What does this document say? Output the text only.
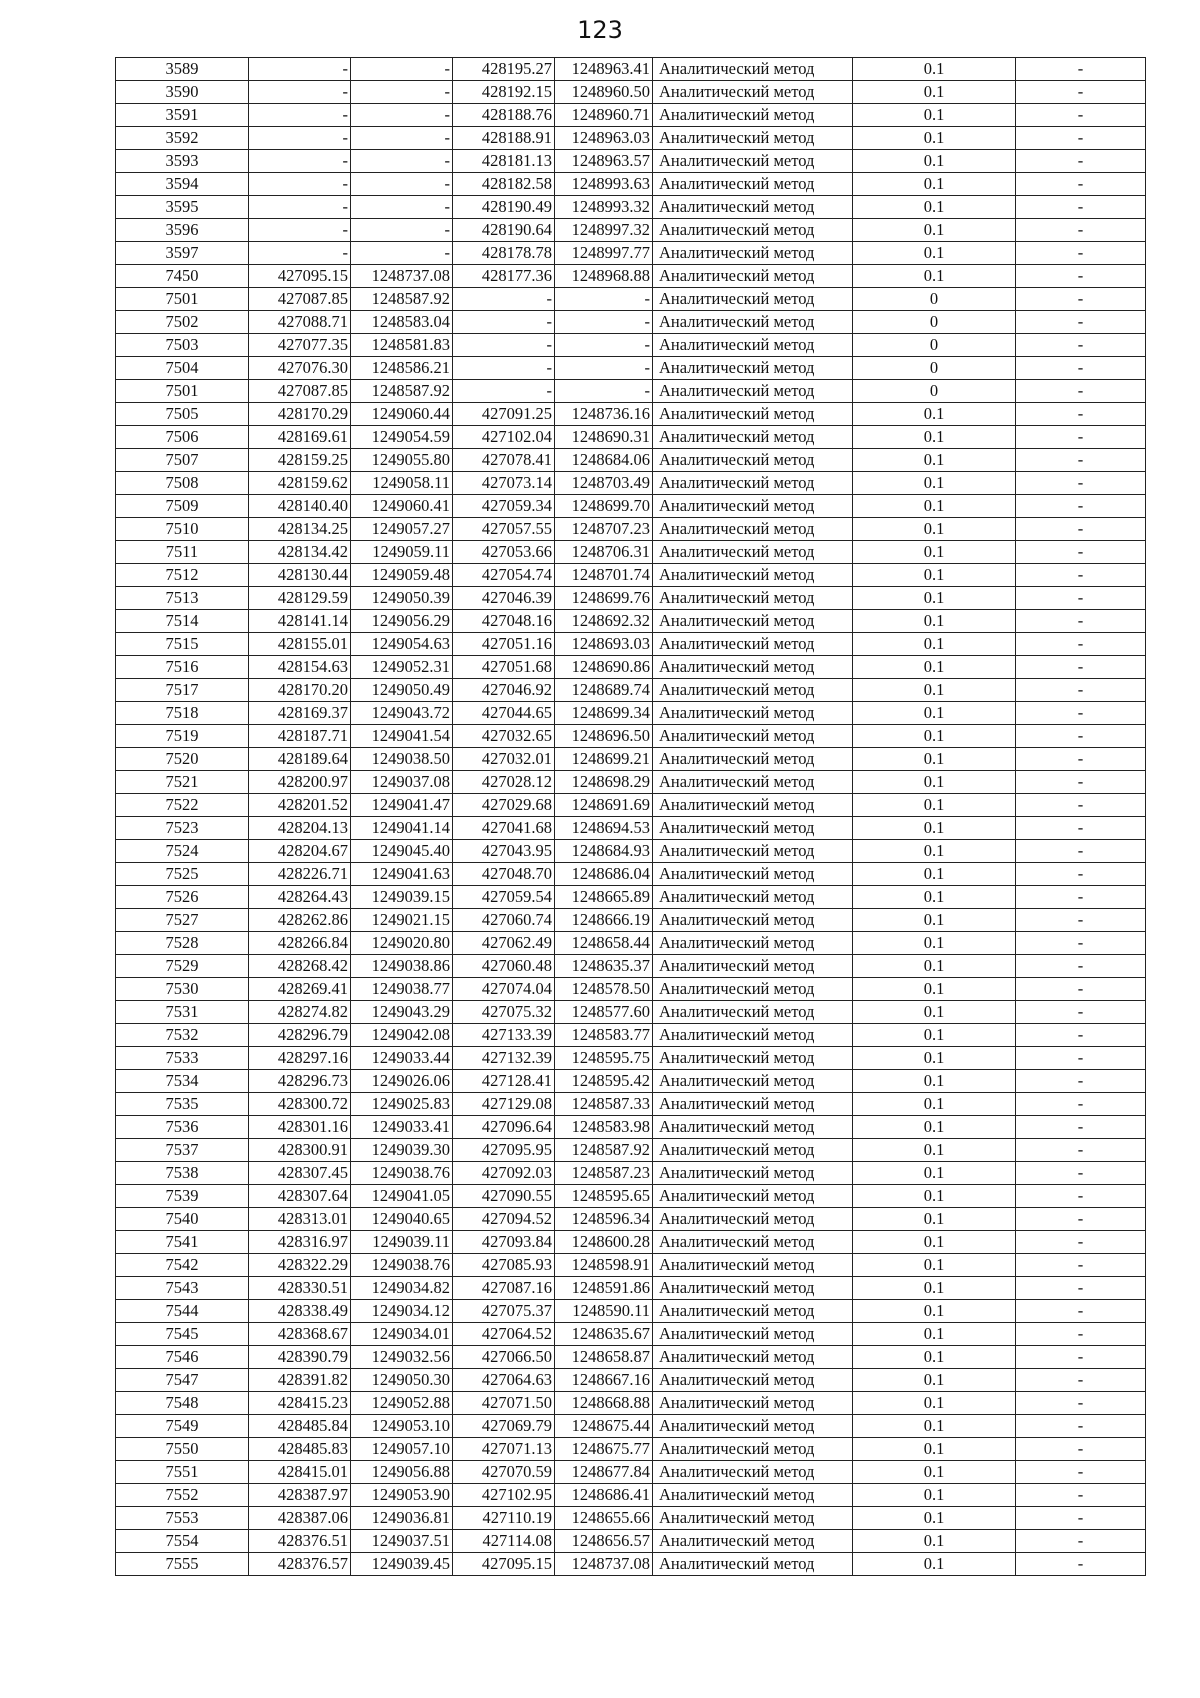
123
3589	-	-	428195.27	1248963.41	Аналитический метод	0.1	-
3590	-	-	428192.15	1248960.50	Аналитический метод	0.1	-
3591	-	-	428188.76	1248960.71	Аналитический метод	0.1	-
3592	-	-	428188.91	1248963.03	Аналитический метод	0.1	-
3593	-	-	428181.13	1248963.57	Аналитический метод	0.1	-
3594	-	-	428182.58	1248993.63	Аналитический метод	0.1	-
3595	-	-	428190.49	1248993.32	Аналитический метод	0.1	-
3596	-	-	428190.64	1248997.32	Аналитический метод	0.1	-
3597	-	-	428178.78	1248997.77	Аналитический метод	0.1	-
7450	427095.15	1248737.08	428177.36	1248968.88	Аналитический метод	0.1	-
7501	427087.85	1248587.92	-	-	Аналитический метод	0	-
7502	427088.71	1248583.04	-	-	Аналитический метод	0	-
7503	427077.35	1248581.83	-	-	Аналитический метод	0	-
7504	427076.30	1248586.21	-	-	Аналитический метод	0	-
7501	427087.85	1248587.92	-	-	Аналитический метод	0	-
7505	428170.29	1249060.44	427091.25	1248736.16	Аналитический метод	0.1	-
7506	428169.61	1249054.59	427102.04	1248690.31	Аналитический метод	0.1	-
7507	428159.25	1249055.80	427078.41	1248684.06	Аналитический метод	0.1	-
7508	428159.62	1249058.11	427073.14	1248703.49	Аналитический метод	0.1	-
7509	428140.40	1249060.41	427059.34	1248699.70	Аналитический метод	0.1	-
7510	428134.25	1249057.27	427057.55	1248707.23	Аналитический метод	0.1	-
7511	428134.42	1249059.11	427053.66	1248706.31	Аналитический метод	0.1	-
7512	428130.44	1249059.48	427054.74	1248701.74	Аналитический метод	0.1	-
7513	428129.59	1249050.39	427046.39	1248699.76	Аналитический метод	0.1	-
7514	428141.14	1249056.29	427048.16	1248692.32	Аналитический метод	0.1	-
7515	428155.01	1249054.63	427051.16	1248693.03	Аналитический метод	0.1	-
7516	428154.63	1249052.31	427051.68	1248690.86	Аналитический метод	0.1	-
7517	428170.20	1249050.49	427046.92	1248689.74	Аналитический метод	0.1	-
7518	428169.37	1249043.72	427044.65	1248699.34	Аналитический метод	0.1	-
7519	428187.71	1249041.54	427032.65	1248696.50	Аналитический метод	0.1	-
7520	428189.64	1249038.50	427032.01	1248699.21	Аналитический метод	0.1	-
7521	428200.97	1249037.08	427028.12	1248698.29	Аналитический метод	0.1	-
7522	428201.52	1249041.47	427029.68	1248691.69	Аналитический метод	0.1	-
7523	428204.13	1249041.14	427041.68	1248694.53	Аналитический метод	0.1	-
7524	428204.67	1249045.40	427043.95	1248684.93	Аналитический метод	0.1	-
7525	428226.71	1249041.63	427048.70	1248686.04	Аналитический метод	0.1	-
7526	428264.43	1249039.15	427059.54	1248665.89	Аналитический метод	0.1	-
7527	428262.86	1249021.15	427060.74	1248666.19	Аналитический метод	0.1	-
7528	428266.84	1249020.80	427062.49	1248658.44	Аналитический метод	0.1	-
7529	428268.42	1249038.86	427060.48	1248635.37	Аналитический метод	0.1	-
7530	428269.41	1249038.77	427074.04	1248578.50	Аналитический метод	0.1	-
7531	428274.82	1249043.29	427075.32	1248577.60	Аналитический метод	0.1	-
7532	428296.79	1249042.08	427133.39	1248583.77	Аналитический метод	0.1	-
7533	428297.16	1249033.44	427132.39	1248595.75	Аналитический метод	0.1	-
7534	428296.73	1249026.06	427128.41	1248595.42	Аналитический метод	0.1	-
7535	428300.72	1249025.83	427129.08	1248587.33	Аналитический метод	0.1	-
7536	428301.16	1249033.41	427096.64	1248583.98	Аналитический метод	0.1	-
7537	428300.91	1249039.30	427095.95	1248587.92	Аналитический метод	0.1	-
7538	428307.45	1249038.76	427092.03	1248587.23	Аналитический метод	0.1	-
7539	428307.64	1249041.05	427090.55	1248595.65	Аналитический метод	0.1	-
7540	428313.01	1249040.65	427094.52	1248596.34	Аналитический метод	0.1	-
7541	428316.97	1249039.11	427093.84	1248600.28	Аналитический метод	0.1	-
7542	428322.29	1249038.76	427085.93	1248598.91	Аналитический метод	0.1	-
7543	428330.51	1249034.82	427087.16	1248591.86	Аналитический метод	0.1	-
7544	428338.49	1249034.12	427075.37	1248590.11	Аналитический метод	0.1	-
7545	428368.67	1249034.01	427064.52	1248635.67	Аналитический метод	0.1	-
7546	428390.79	1249032.56	427066.50	1248658.87	Аналитический метод	0.1	-
7547	428391.82	1249050.30	427064.63	1248667.16	Аналитический метод	0.1	-
7548	428415.23	1249052.88	427071.50	1248668.88	Аналитический метод	0.1	-
7549	428485.84	1249053.10	427069.79	1248675.44	Аналитический метод	0.1	-
7550	428485.83	1249057.10	427071.13	1248675.77	Аналитический метод	0.1	-
7551	428415.01	1249056.88	427070.59	1248677.84	Аналитический метод	0.1	-
7552	428387.97	1249053.90	427102.95	1248686.41	Аналитический метод	0.1	-
7553	428387.06	1249036.81	427110.19	1248655.66	Аналитический метод	0.1	-
7554	428376.51	1249037.51	427114.08	1248656.57	Аналитический метод	0.1	-
7555	428376.57	1249039.45	427095.15	1248737.08	Аналитический метод	0.1	-
